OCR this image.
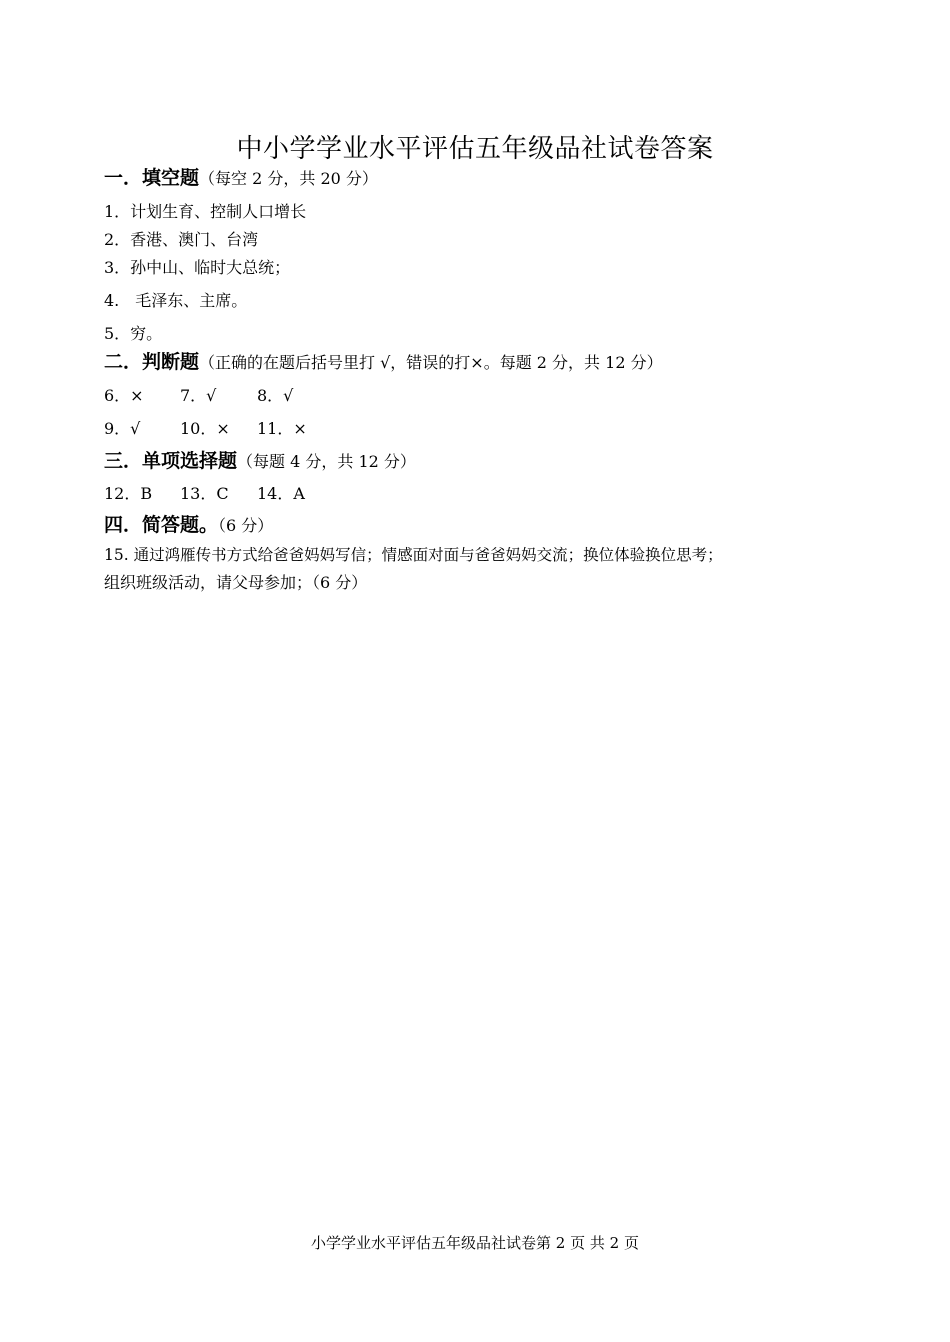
中小学学业水平评估五年级品社试卷答案
一．填空题（每空 2 分，共 20 分）
1．计划生育、控制人口增长
2．香港、澳门、台湾
3．孙中山、临时大总统；
4.　毛泽东、主席。
5．穷。
二．判断题（正确的在题后括号里打 √，错误的打×。每题 2 分，共 12 分）
6．× 7．√	8．√
9．√ 10．× 11．×
三．单项选择题（每题 4 分，共 12 分）
12．B 13．C 14．A
四．简答题。（6 分）
15. 通过鸿雁传书方式给爸爸妈妈写信；情感面对面与爸爸妈妈交流；换位体验换位思考；
组织班级活动，请父母参加；（6 分）
小学学业水平评估五年级品社试卷第 2 页 共 2 页
